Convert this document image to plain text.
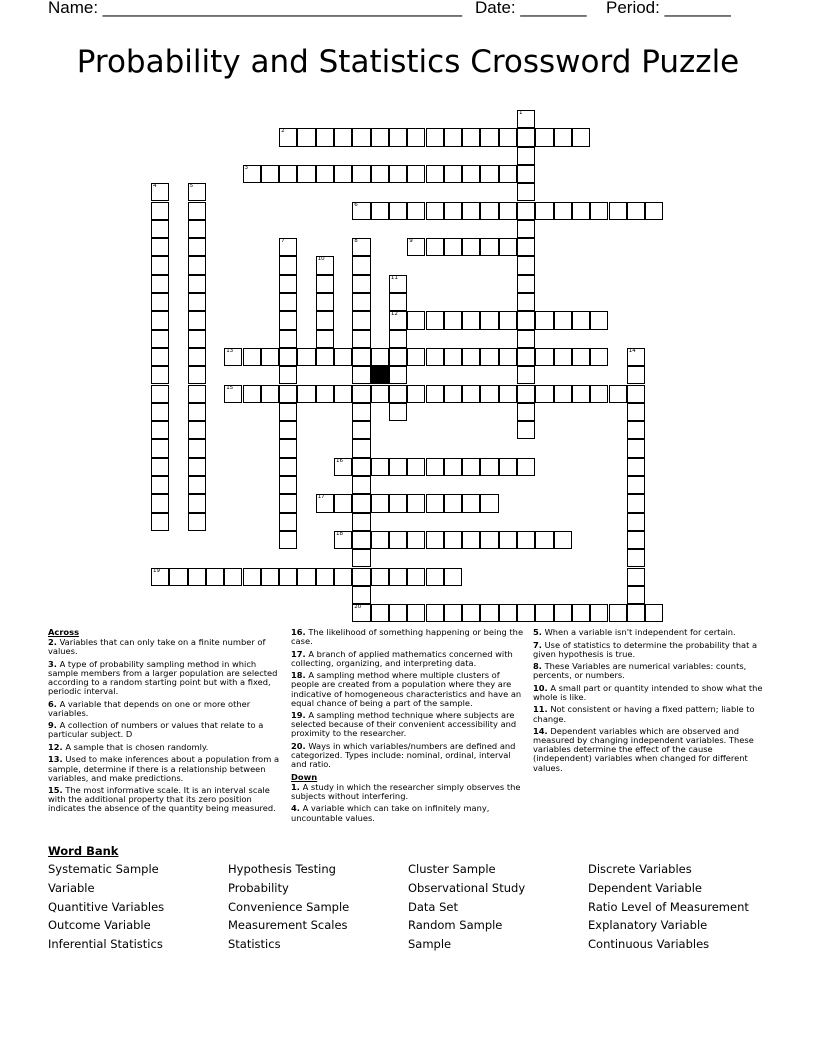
Name: ______________________________________ Date: _______ Period: _______
Probability and Statistics Crossword Puzzle
1
2
3
4	5
6
7	8	9
10
11
12
13	14
15
16
17
18
19
20
Across
2. Variables that can only take on a finite number of values.
3. A type of probability sampling method in which sample members from a larger population are selected according to a random starting point but with a fixed, periodic interval.
6. A variable that depends on one or more other variables.
9. A collection of numbers or values that relate to a particular subject. D
12. A sample that is chosen randomly.
13. Used to make inferences about a population from a sample, determine if there is a relationship between variables, and make predictions.
15. The most informative scale. It is an interval scale with the additional property that its zero position indicates the absence of the quantity being measured.
16. The likelihood of something happening or being the case.
17. A branch of applied mathematics concerned with collecting, organizing, and interpreting data.
18. A sampling method where multiple clusters of people are created from a population where they are indicative of homogeneous characteristics and have an equal chance of being a part of the sample.
19. A sampling method technique where subjects are selected because of their convenient accessibility and proximity to the researcher.
20. Ways in which variables/numbers are defined and categorized. Types include: nominal, ordinal, interval and ratio.
Down
1. A study in which the researcher simply observes the subjects without interfering.
4. A variable which can take on infinitely many, uncountable values.
5. When a variable isn't independent for certain.
7. Use of statistics to determine the probability that a given hypothesis is true.
8. These Variables are numerical variables: counts, percents, or numbers.
10. A small part or quantity intended to show what the whole is like.
11. Not consistent or having a fixed pattern; liable to change.
14. Dependent variables which are observed and measured by changing independent variables. These variables determine the effect of the cause (independent) variables when changed for different values.
Word Bank
Systematic Sample	Hypothesis Testing	Cluster Sample	Discrete Variables
Variable	Probability	Observational Study	Dependent Variable
Quantitive Variables	Convenience Sample	Data Set	Ratio Level of Measurement
Outcome Variable	Measurement Scales	Random Sample	Explanatory Variable
Inferential Statistics	Statistics	Sample	Continuous Variables
